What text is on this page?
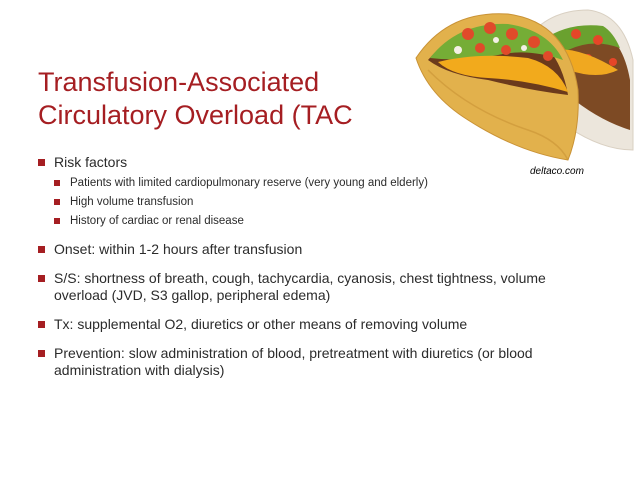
Transfusion-Associated
Circulatory Overload (TAC
deltaco.com
Risk factors
Patients with limited cardiopulmonary reserve (very young and elderly)
High volume transfusion
History of cardiac or renal disease
Onset: within 1-2 hours after transfusion
S/S: shortness of breath, cough, tachycardia, cyanosis, chest tightness, volume overload (JVD, S3 gallop, peripheral edema)
Tx: supplemental O2, diuretics or other means of removing volume
Prevention: slow administration of blood, pretreatment with diuretics (or blood administration with dialysis)
